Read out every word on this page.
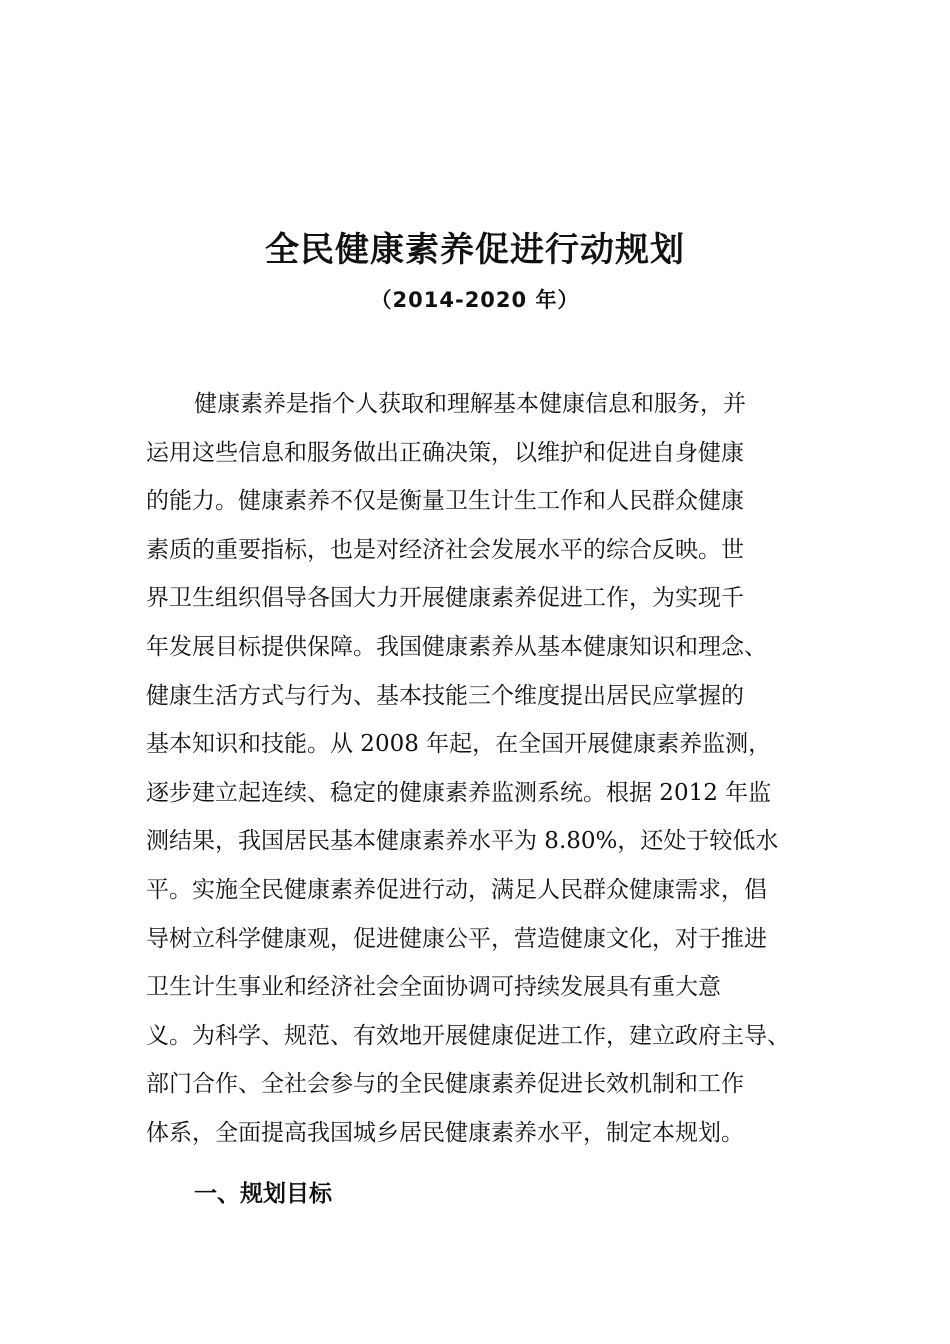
全民健康素养促进行动规划
（2014-2020 年）
健康素养是指个人获取和理解基本健康信息和服务，并
运用这些信息和服务做出正确决策，以维护和促进自身健康
的能力。健康素养不仅是衡量卫生计生工作和人民群众健康
素质的重要指标，也是对经济社会发展水平的综合反映。世
界卫生组织倡导各国大力开展健康素养促进工作，为实现千
年发展目标提供保障。我国健康素养从基本健康知识和理念、
健康生活方式与行为、基本技能三个维度提出居民应掌握的
基本知识和技能。从 2008 年起，在全国开展健康素养监测，
逐步建立起连续、稳定的健康素养监测系统。根据 2012 年监
测结果，我国居民基本健康素养水平为 8.80%，还处于较低水
平。实施全民健康素养促进行动，满足人民群众健康需求，倡
导树立科学健康观，促进健康公平，营造健康文化，对于推进
卫生计生事业和经济社会全面协调可持续发展具有重大意
义。为科学、规范、有效地开展健康促进工作，建立政府主导、
部门合作、全社会参与的全民健康素养促进长效机制和工作
体系，全面提高我国城乡居民健康素养水平，制定本规划。
一、规划目标
